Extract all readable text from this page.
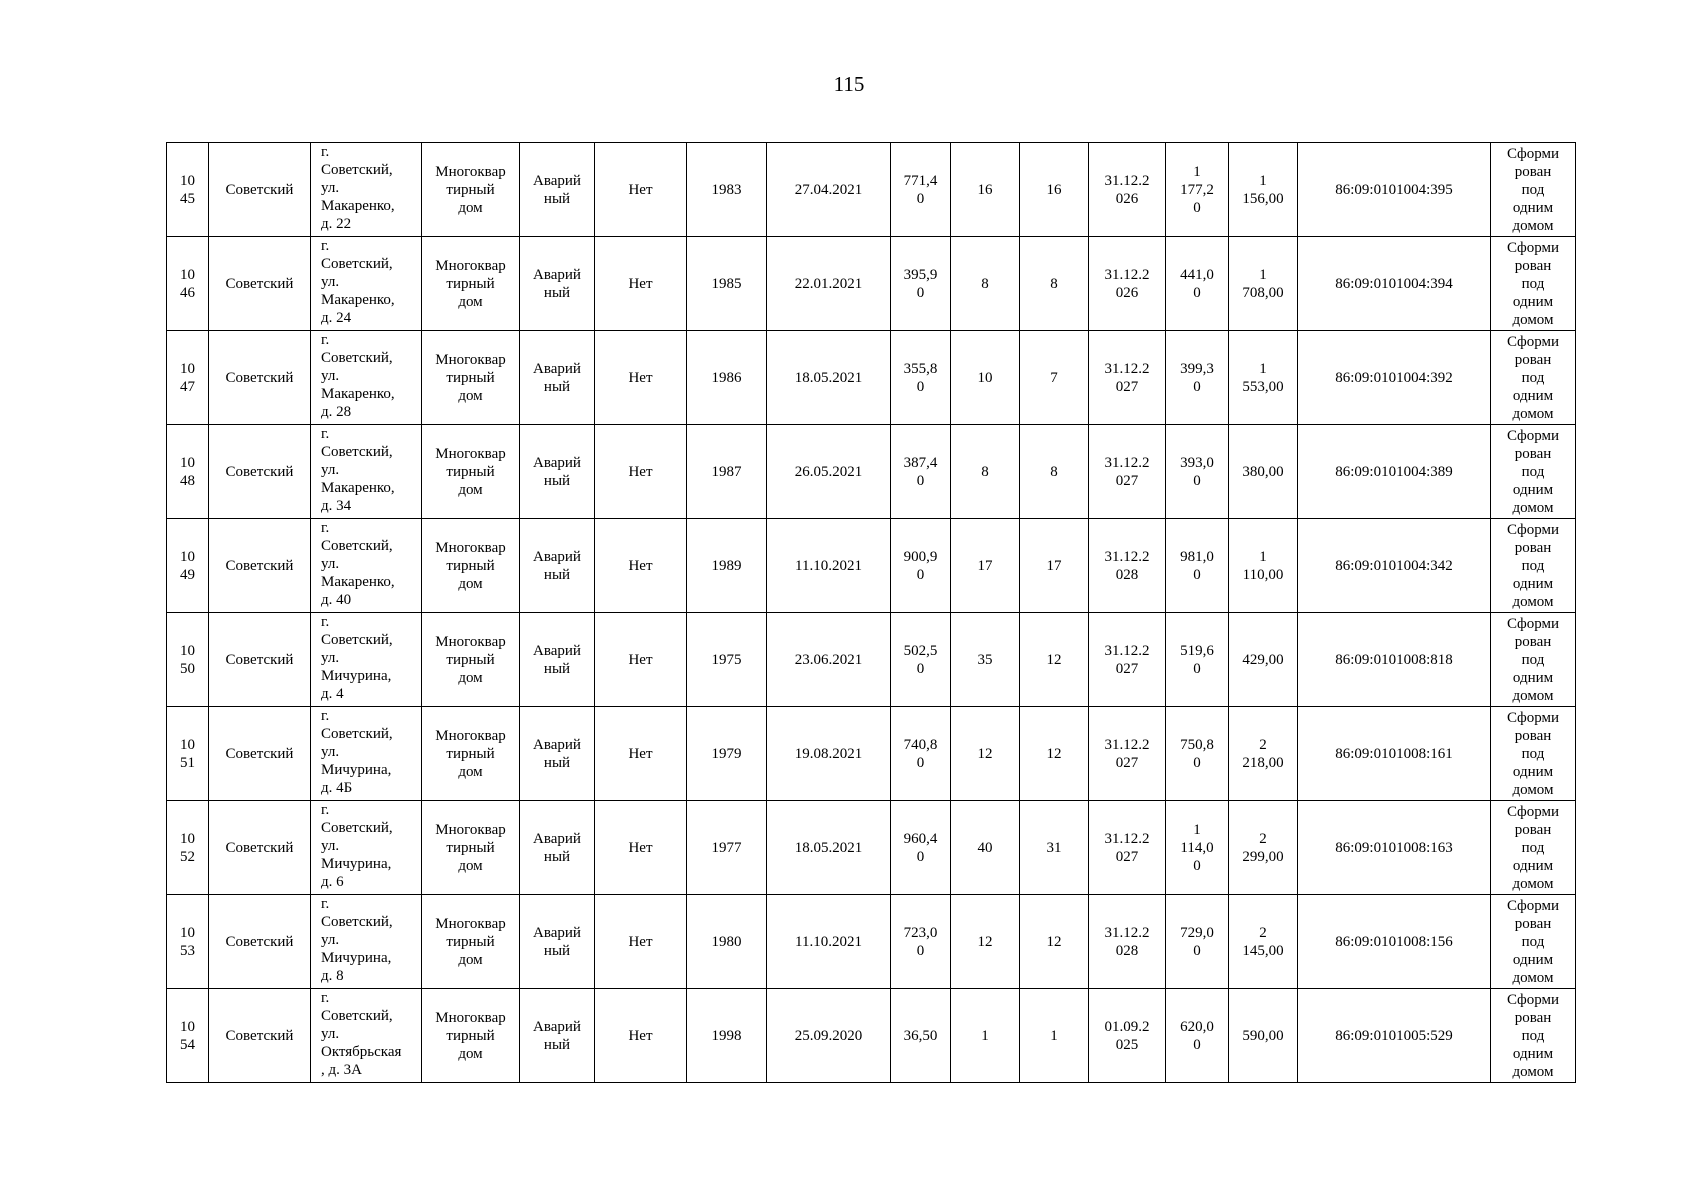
115
10
45	Советский	г.
Советский,
ул.
Макаренко,
д. 22	Многоквар
тирный
дом	Аварий
ный	Нет	1983	27.04.2021	771,4
0	16	16	31.12.2
026	1
177,2
0	1
156,00	86:09:0101004:395	Сформи
рован
под
одним
домом
10
46	Советский	г.
Советский,
ул.
Макаренко,
д. 24	Многоквар
тирный
дом	Аварий
ный	Нет	1985	22.01.2021	395,9
0	8	8	31.12.2
026	441,0
0	1
708,00	86:09:0101004:394	Сформи
рован
под
одним
домом
10
47	Советский	г.
Советский,
ул.
Макаренко,
д. 28	Многоквар
тирный
дом	Аварий
ный	Нет	1986	18.05.2021	355,8
0	10	7	31.12.2
027	399,3
0	1
553,00	86:09:0101004:392	Сформи
рован
под
одним
домом
10
48	Советский	г.
Советский,
ул.
Макаренко,
д. 34	Многоквар
тирный
дом	Аварий
ный	Нет	1987	26.05.2021	387,4
0	8	8	31.12.2
027	393,0
0	380,00	86:09:0101004:389	Сформи
рован
под
одним
домом
10
49	Советский	г.
Советский,
ул.
Макаренко,
д. 40	Многоквар
тирный
дом	Аварий
ный	Нет	1989	11.10.2021	900,9
0	17	17	31.12.2
028	981,0
0	1
110,00	86:09:0101004:342	Сформи
рован
под
одним
домом
10
50	Советский	г.
Советский,
ул.
Мичурина,
д. 4	Многоквар
тирный
дом	Аварий
ный	Нет	1975	23.06.2021	502,5
0	35	12	31.12.2
027	519,6
0	429,00	86:09:0101008:818	Сформи
рован
под
одним
домом
10
51	Советский	г.
Советский,
ул.
Мичурина,
д. 4Б	Многоквар
тирный
дом	Аварий
ный	Нет	1979	19.08.2021	740,8
0	12	12	31.12.2
027	750,8
0	2
218,00	86:09:0101008:161	Сформи
рован
под
одним
домом
10
52	Советский	г.
Советский,
ул.
Мичурина,
д. 6	Многоквар
тирный
дом	Аварий
ный	Нет	1977	18.05.2021	960,4
0	40	31	31.12.2
027	1
114,0
0	2
299,00	86:09:0101008:163	Сформи
рован
под
одним
домом
10
53	Советский	г.
Советский,
ул.
Мичурина,
д. 8	Многоквар
тирный
дом	Аварий
ный	Нет	1980	11.10.2021	723,0
0	12	12	31.12.2
028	729,0
0	2
145,00	86:09:0101008:156	Сформи
рован
под
одним
домом
10
54	Советский	г.
Советский,
ул.
Октябрьская
, д. 3А	Многоквар
тирный
дом	Аварий
ный	Нет	1998	25.09.2020	36,50	1	1	01.09.2
025	620,0
0	590,00	86:09:0101005:529	Сформи
рован
под
одним
домом
